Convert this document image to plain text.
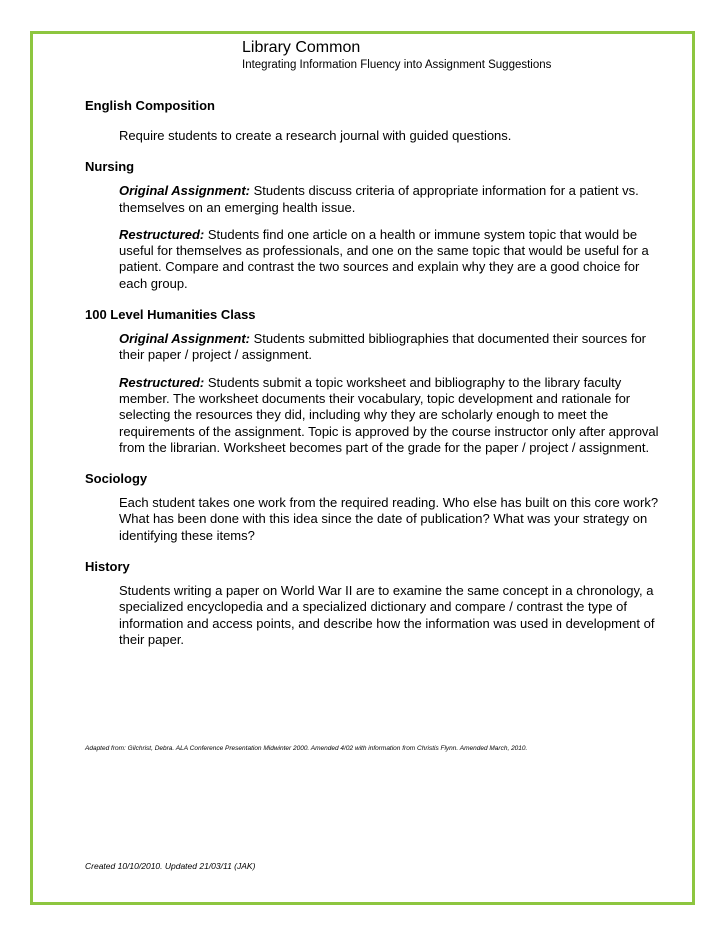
Library Common
Integrating Information Fluency into Assignment Suggestions
English Composition
Require students to create a research journal with guided questions.
Nursing
Original Assignment: Students discuss criteria of appropriate information for a patient vs. themselves on an emerging health issue.
Restructured: Students find one article on a health or immune system topic that would be useful for themselves as professionals, and one on the same topic that would be useful for a patient. Compare and contrast the two sources and explain why they are a good choice for each group.
100 Level Humanities Class
Original Assignment: Students submitted bibliographies that documented their sources for their paper / project / assignment.
Restructured: Students submit a topic worksheet and bibliography to the library faculty member. The worksheet documents their vocabulary, topic development and rationale for selecting the resources they did, including why they are scholarly enough to meet the requirements of the assignment. Topic is approved by the course instructor only after approval from the librarian. Worksheet becomes part of the grade for the paper / project / assignment.
Sociology
Each student takes one work from the required reading. Who else has built on this core work? What has been done with this idea since the date of publication? What was your strategy on identifying these items?
History
Students writing a paper on World War II are to examine the same concept in a chronology, a specialized encyclopedia and a specialized dictionary and compare / contrast the type of information and access points, and describe how the information was used in development of their paper.
Adapted from: Gilchrist, Debra. ALA Conference Presentation Midwinter 2000. Amended 4/02 with information from Christis Flynn. Amended March, 2010.
Created 10/10/2010. Updated 21/03/11 (JAK)
